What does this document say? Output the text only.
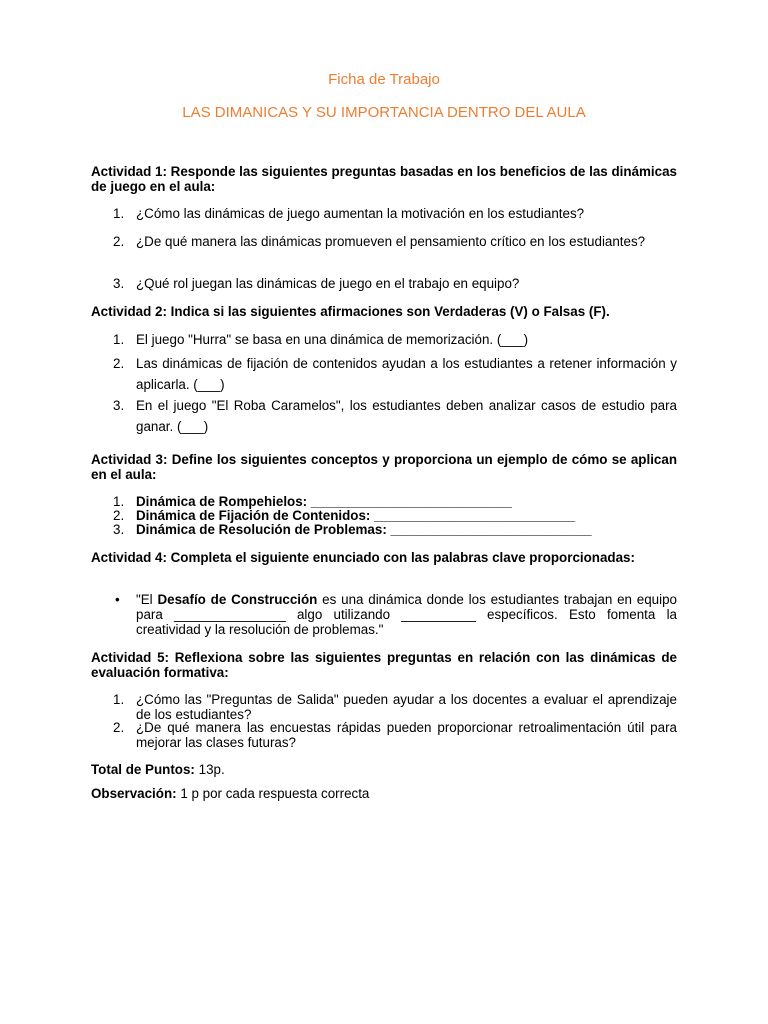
Ficha de Trabajo
LAS DIMANICAS Y SU IMPORTANCIA DENTRO DEL AULA
Actividad 1: Responde las siguientes preguntas basadas en los beneficios de las dinámicas de juego en el aula:
1. ¿Cómo las dinámicas de juego aumentan la motivación en los estudiantes?
2. ¿De qué manera las dinámicas promueven el pensamiento crítico en los estudiantes?
3. ¿Qué rol juegan las dinámicas de juego en el trabajo en equipo?
Actividad 2: Indica si las siguientes afirmaciones son Verdaderas (V) o Falsas (F).
1. El juego "Hurra" se basa en una dinámica de memorización. (___)
2. Las dinámicas de fijación de contenidos ayudan a los estudiantes a retener información y aplicarla. (___)
3. En el juego "El Roba Caramelos", los estudiantes deben analizar casos de estudio para ganar. (___)
Actividad 3: Define los siguientes conceptos y proporciona un ejemplo de cómo se aplican en el aula:
1. Dinámica de Rompehielos: ___________________________
2. Dinámica de Fijación de Contenidos: ___________________________
3. Dinámica de Resolución de Problemas: ___________________________
Actividad 4: Completa el siguiente enunciado con las palabras clave proporcionadas:
• "El Desafío de Construcción es una dinámica donde los estudiantes trabajan en equipo para _______________ algo utilizando __________ específicos. Esto fomenta la creatividad y la resolución de problemas."
Actividad 5: Reflexiona sobre las siguientes preguntas en relación con las dinámicas de evaluación formativa:
1. ¿Cómo las "Preguntas de Salida" pueden ayudar a los docentes a evaluar el aprendizaje de los estudiantes?
2. ¿De qué manera las encuestas rápidas pueden proporcionar retroalimentación útil para mejorar las clases futuras?
Total de Puntos: 13p.
Observación: 1 p por cada respuesta correcta
